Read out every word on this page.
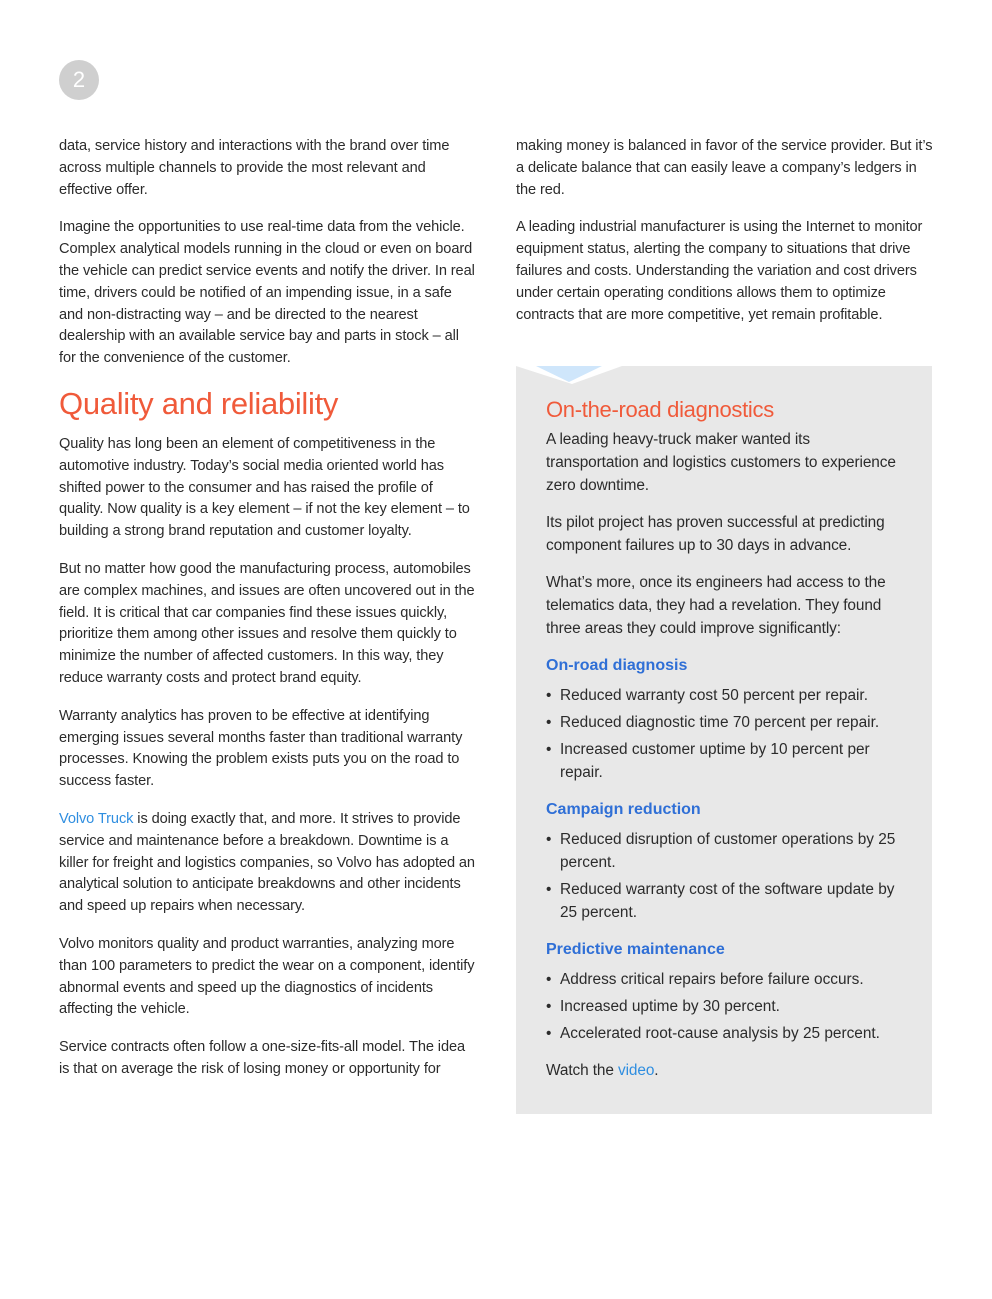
2

data, service history and interactions with the brand over time across multiple channels to provide the most relevant and effective offer.

Imagine the opportunities to use real-time data from the vehicle. Complex analytical models running in the cloud or even on board the vehicle can predict service events and notify the driver. In real time, drivers could be notified of an impending issue, in a safe and non-distracting way – and be directed to the nearest dealership with an available service bay and parts in stock – all for the convenience of the customer.

Quality and reliability

Quality has long been an element of competitiveness in the automotive industry. Today’s social media oriented world has shifted power to the consumer and has raised the profile of quality. Now quality is a key element – if not the key element – to building a strong brand reputation and customer loyalty.

But no matter how good the manufacturing process, automobiles are complex machines, and issues are often uncovered out in the field. It is critical that car companies find these issues quickly, prioritize them among other issues and resolve them quickly to minimize the number of affected customers. In this way, they reduce warranty costs and protect brand equity.

Warranty analytics has proven to be effective at identifying emerging issues several months faster than traditional warranty processes. Knowing the problem exists puts you on the road to success faster.

Volvo Truck is doing exactly that, and more. It strives to provide service and maintenance before a breakdown. Downtime is a killer for freight and logistics companies, so Volvo has adopted an analytical solution to anticipate breakdowns and other incidents and speed up repairs when necessary.

Volvo monitors quality and product warranties, analyzing more than 100 parameters to predict the wear on a component, identify abnormal events and speed up the diagnostics of incidents affecting the vehicle.

Service contracts often follow a one-size-fits-all model. The idea is that on average the risk of losing money or opportunity for

making money is balanced in favor of the service provider. But it’s a delicate balance that can easily leave a company’s ledgers in the red.

A leading industrial manufacturer is using the Internet to monitor equipment status, alerting the company to situations that drive failures and costs. Understanding the variation and cost drivers under certain operating conditions allows them to optimize contracts that are more competitive, yet remain profitable.

On-the-road diagnostics

A leading heavy-truck maker wanted its transportation and logistics customers to experience zero downtime.

Its pilot project has proven successful at predicting component failures up to 30 days in advance.

What’s more, once its engineers had access to the telematics data, they had a revelation. They found three areas they could improve significantly:

On-road diagnosis
• Reduced warranty cost 50 percent per repair.
• Reduced diagnostic time 70 percent per repair.
• Increased customer uptime by 10 percent per repair.
Campaign reduction
• Reduced disruption of customer operations by 25 percent.
• Reduced warranty cost of the software update by 25 percent.
Predictive maintenance
• Address critical repairs before failure occurs.
• Increased uptime by 30 percent.
• Accelerated root-cause analysis by 25 percent.

Watch the video.
